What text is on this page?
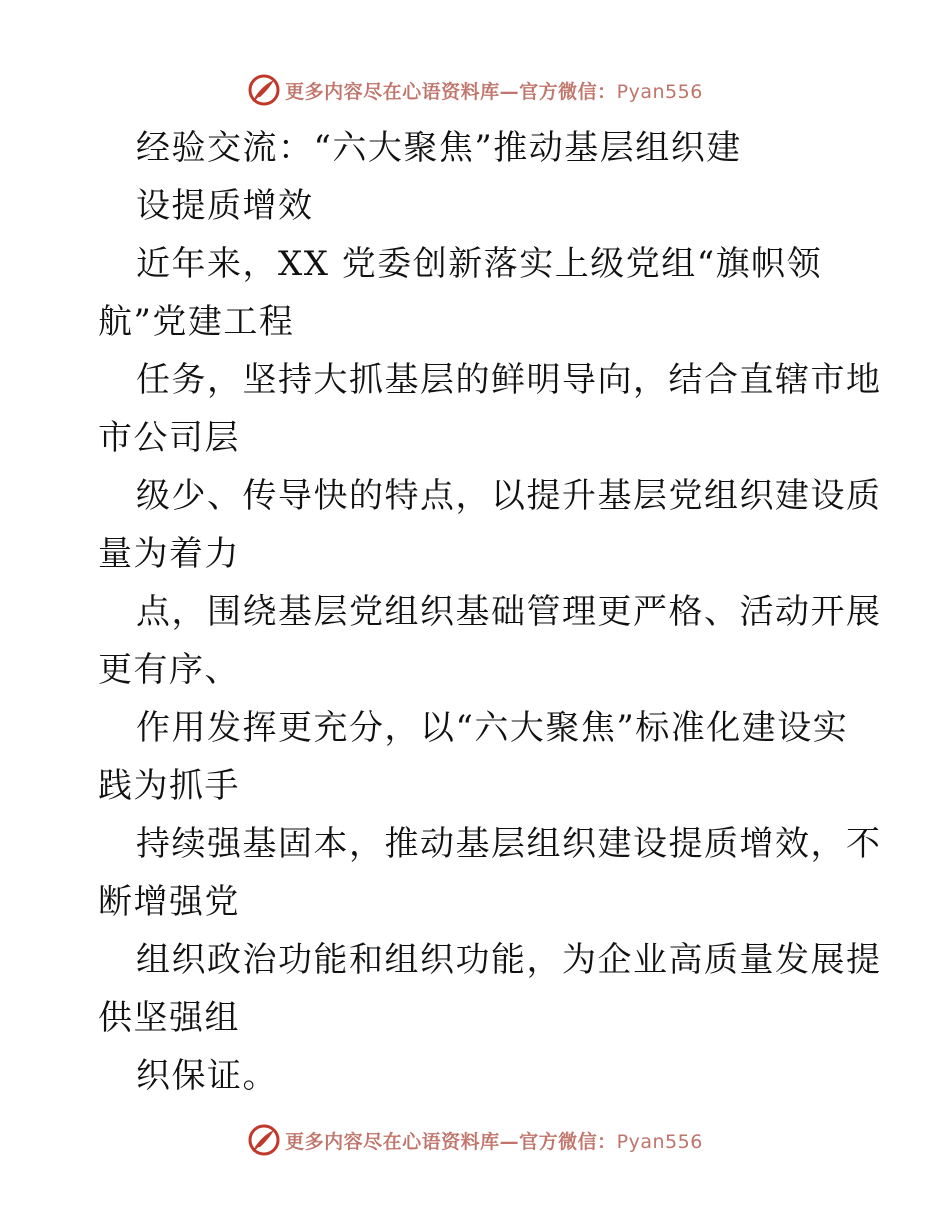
更多内容尽在心语资料库—官方微信：Pyan556
经验交流：“六大聚焦”推动基层组织建
设提质增效
近年来，XX 党委创新落实上级党组“旗帜领
航”党建工程
任务，坚持大抓基层的鲜明导向，结合直辖市地
市公司层
级少、传导快的特点，以提升基层党组织建设质
量为着力
点，围绕基层党组织基础管理更严格、活动开展
更有序、
作用发挥更充分，以“六大聚焦”标准化建设实
践为抓手
持续强基固本，推动基层组织建设提质增效，不
断增强党
组织政治功能和组织功能，为企业高质量发展提
供坚强组
织保证。
更多内容尽在心语资料库—官方微信：Pyan556
